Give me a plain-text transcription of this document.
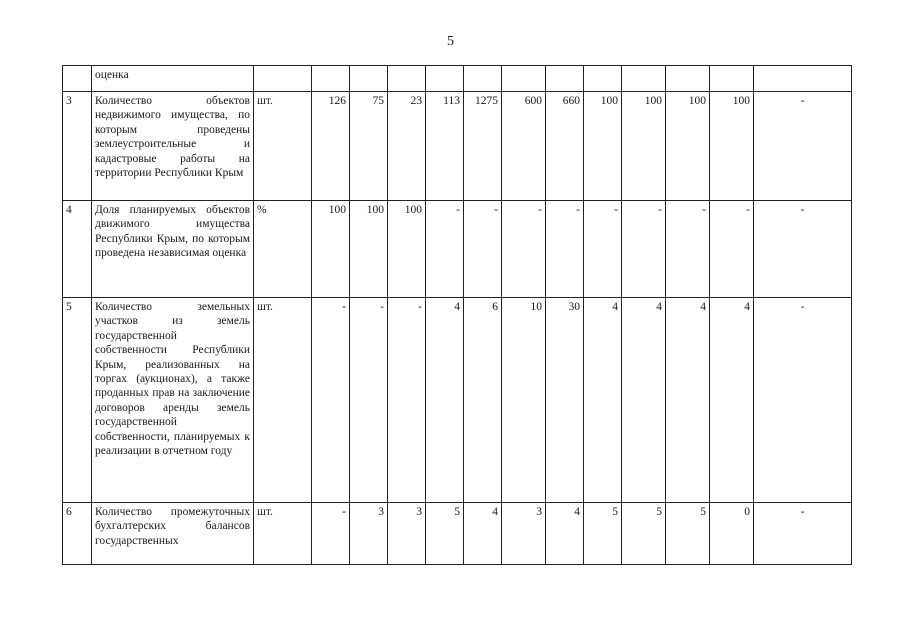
5
	оценка													
3	Количество объектов недвижимого имущества, по которым проведены землеустроительные и кадастровые работы на территории Республики Крым	шт.	126	75	23	113	1275	600	660	100	100	100	100	-
4	Доля планируемых объектов движимого имущества Республики Крым, по которым проведена независимая оценка	%	100	100	100	-	-	-	-	-	-	-	-	-
5	Количество земельных участков из земель государственной собственности Республики Крым, реализованных на торгах (аукционах), а также проданных прав на заключение договоров аренды земель государственной собственности, планируемых к реализации в отчетном году	шт.	-	-	-	4	6	10	30	4	4	4	4	-
6	Количество промежуточных бухгалтерских балансов государственных	шт.	-	3	3	5	4	3	4	5	5	5	0	-
